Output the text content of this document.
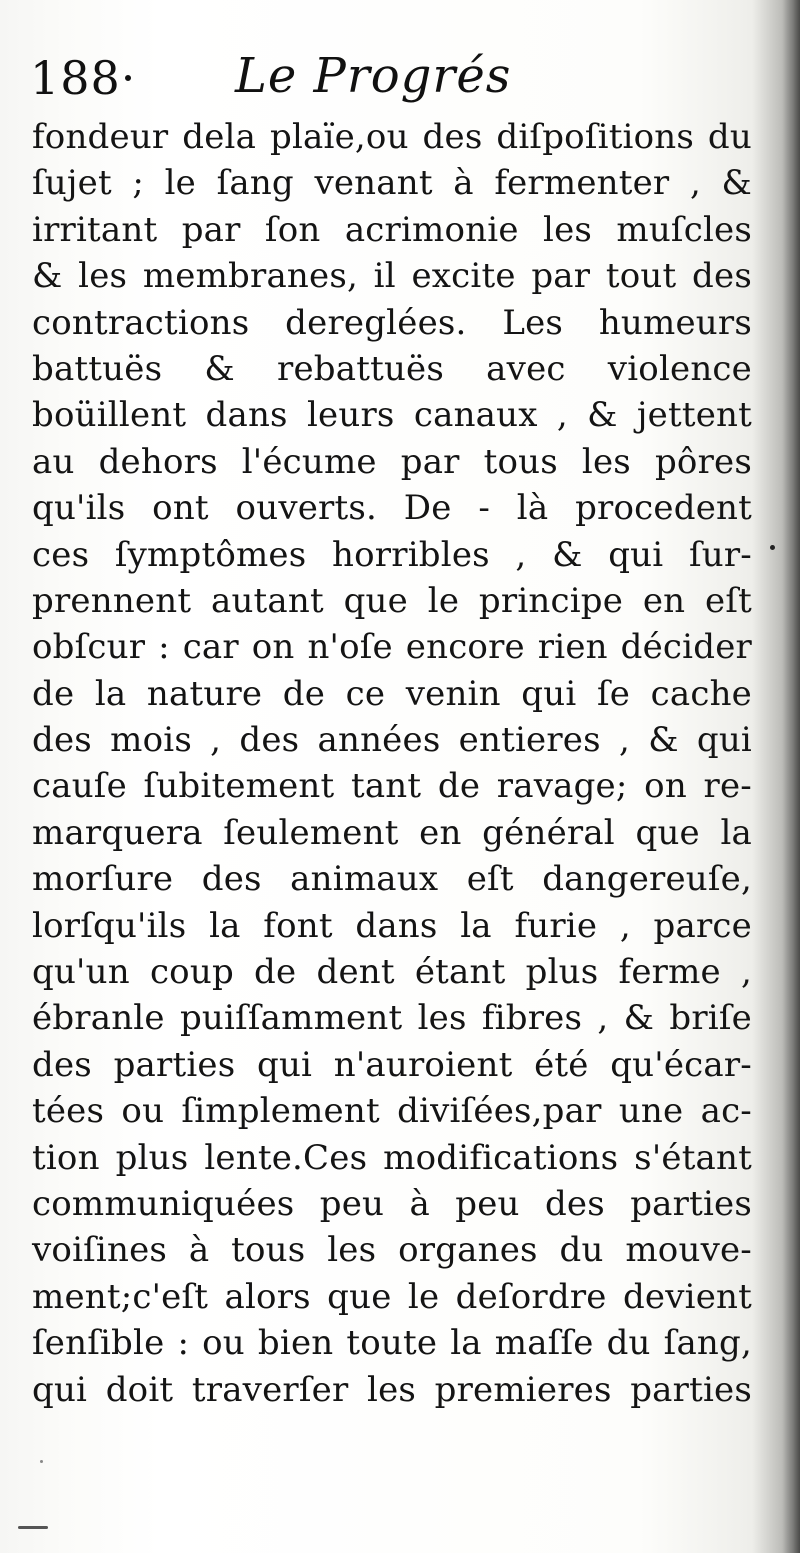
188· Le Progrés
fondeur dela plaïe,ou des diſpoſitions du
ſujet ; le ſang venant à fermenter , &
irritant par ſon acrimonie les muſcles
& les membranes, il excite par tout des
contractions dereglées. Les humeurs
battuës & rebattuës avec violence
boüillent dans leurs canaux , & jettent
au dehors l'écume par tous les pôres
qu'ils ont ouverts. De - là procedent
ces ſymptômes horribles , & qui ſur-
prennent autant que le principe en eſt
obſcur : car on n'oſe encore rien décider
de la nature de ce venin qui ſe cache
des mois , des années entieres , & qui
cauſe ſubitement tant de ravage; on re-
marquera ſeulement en général que la
morſure des animaux eſt dangereuſe,
lorſqu'ils la font dans la furie , parce
qu'un coup de dent étant plus ferme ,
ébranle puiſſamment les fibres , & briſe
des parties qui n'auroient été qu'écar-
tées ou ſimplement diviſées,par une ac-
tion plus lente.Ces modifications s'étant
communiquées peu à peu des parties
voiſines à tous les organes du mouve-
ment;c'eſt alors que le deſordre devient
ſenſible : ou bien toute la maſſe du ſang,
qui doit traverſer les premieres parties
